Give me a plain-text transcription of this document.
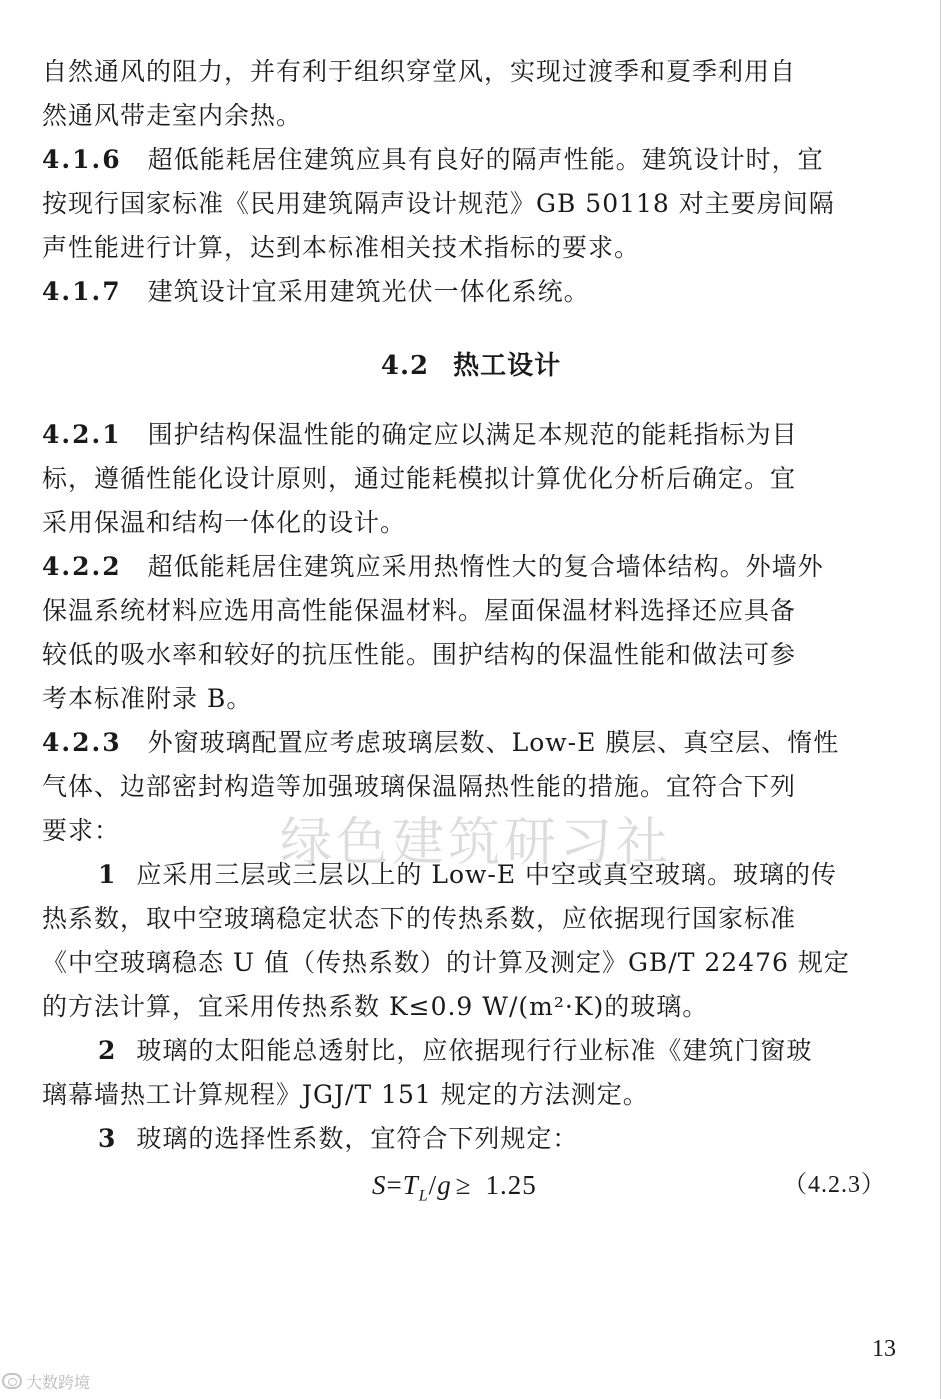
自然通风的阻力，并有利于组织穿堂风，实现过渡季和夏季利用自
然通风带走室内余热。

4.1.6 超低能耗居住建筑应具有良好的隔声性能。建筑设计时，宜
按现行国家标准《民用建筑隔声设计规范》GB 50118 对主要房间隔
声性能进行计算，达到本标准相关技术指标的要求。

4.1.7 建筑设计宜采用建筑光伏一体化系统。

4.2 热工设计

4.2.1 围护结构保温性能的确定应以满足本规范的能耗指标为目
标，遵循性能化设计原则，通过能耗模拟计算优化分析后确定。宜
采用保温和结构一体化的设计。

4.2.2 超低能耗居住建筑应采用热惰性大的复合墙体结构。外墙外
保温系统材料应选用高性能保温材料。屋面保温材料选择还应具备
较低的吸水率和较好的抗压性能。围护结构的保温性能和做法可参
考本标准附录 B。

4.2.3 外窗玻璃配置应考虑玻璃层数、Low-E 膜层、真空层、惰性
气体、边部密封构造等加强玻璃保温隔热性能的措施。宜符合下列
要求：

1 应采用三层或三层以上的 Low-E 中空或真空玻璃。玻璃的传
热系数，取中空玻璃稳定状态下的传热系数，应依据现行国家标准
《中空玻璃稳态 U 值（传热系数）的计算及测定》GB/T 22476 规定
的方法计算，宜采用传热系数 K≤0.9 W/(m²·K)的玻璃。

2 玻璃的太阳能总透射比，应依据现行行业标准《建筑门窗玻
璃幕墙热工计算规程》JGJ/T 151 规定的方法测定。

3 玻璃的选择性系数，宜符合下列规定：

$S=T_L/g \ge 1.25$	（4.2.3）
绿色建筑研习社
13
大数跨境
